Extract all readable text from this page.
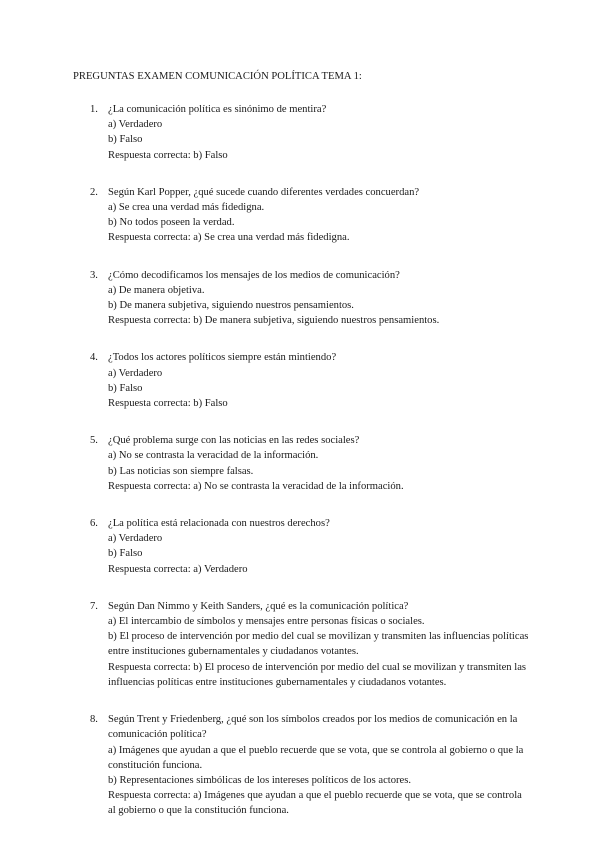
PREGUNTAS EXAMEN COMUNICACIÓN POLÍTICA TEMA 1:
1. ¿La comunicación política es sinónimo de mentira?
a) Verdadero
b) Falso
Respuesta correcta: b) Falso
2. Según Karl Popper, ¿qué sucede cuando diferentes verdades concuerdan?
a) Se crea una verdad más fidedigna.
b) No todos poseen la verdad.
Respuesta correcta: a) Se crea una verdad más fidedigna.
3. ¿Cómo decodificamos los mensajes de los medios de comunicación?
a) De manera objetiva.
b) De manera subjetiva, siguiendo nuestros pensamientos.
Respuesta correcta: b) De manera subjetiva, siguiendo nuestros pensamientos.
4. ¿Todos los actores políticos siempre están mintiendo?
a) Verdadero
b) Falso
Respuesta correcta: b) Falso
5. ¿Qué problema surge con las noticias en las redes sociales?
a) No se contrasta la veracidad de la información.
b) Las noticias son siempre falsas.
Respuesta correcta: a) No se contrasta la veracidad de la información.
6. ¿La política está relacionada con nuestros derechos?
a) Verdadero
b) Falso
Respuesta correcta: a) Verdadero
7. Según Dan Nimmo y Keith Sanders, ¿qué es la comunicación política?
a) El intercambio de símbolos y mensajes entre personas físicas o sociales.
b) El proceso de intervención por medio del cual se movilizan y transmiten las influencias políticas entre instituciones gubernamentales y ciudadanos votantes.
Respuesta correcta: b) El proceso de intervención por medio del cual se movilizan y transmiten las influencias políticas entre instituciones gubernamentales y ciudadanos votantes.
8. Según Trent y Friedenberg, ¿qué son los símbolos creados por los medios de comunicación en la comunicación política?
a) Imágenes que ayudan a que el pueblo recuerde que se vota, que se controla al gobierno o que la constitución funciona.
b) Representaciones simbólicas de los intereses políticos de los actores.
Respuesta correcta: a) Imágenes que ayudan a que el pueblo recuerde que se vota, que se controla al gobierno o que la constitución funciona.
